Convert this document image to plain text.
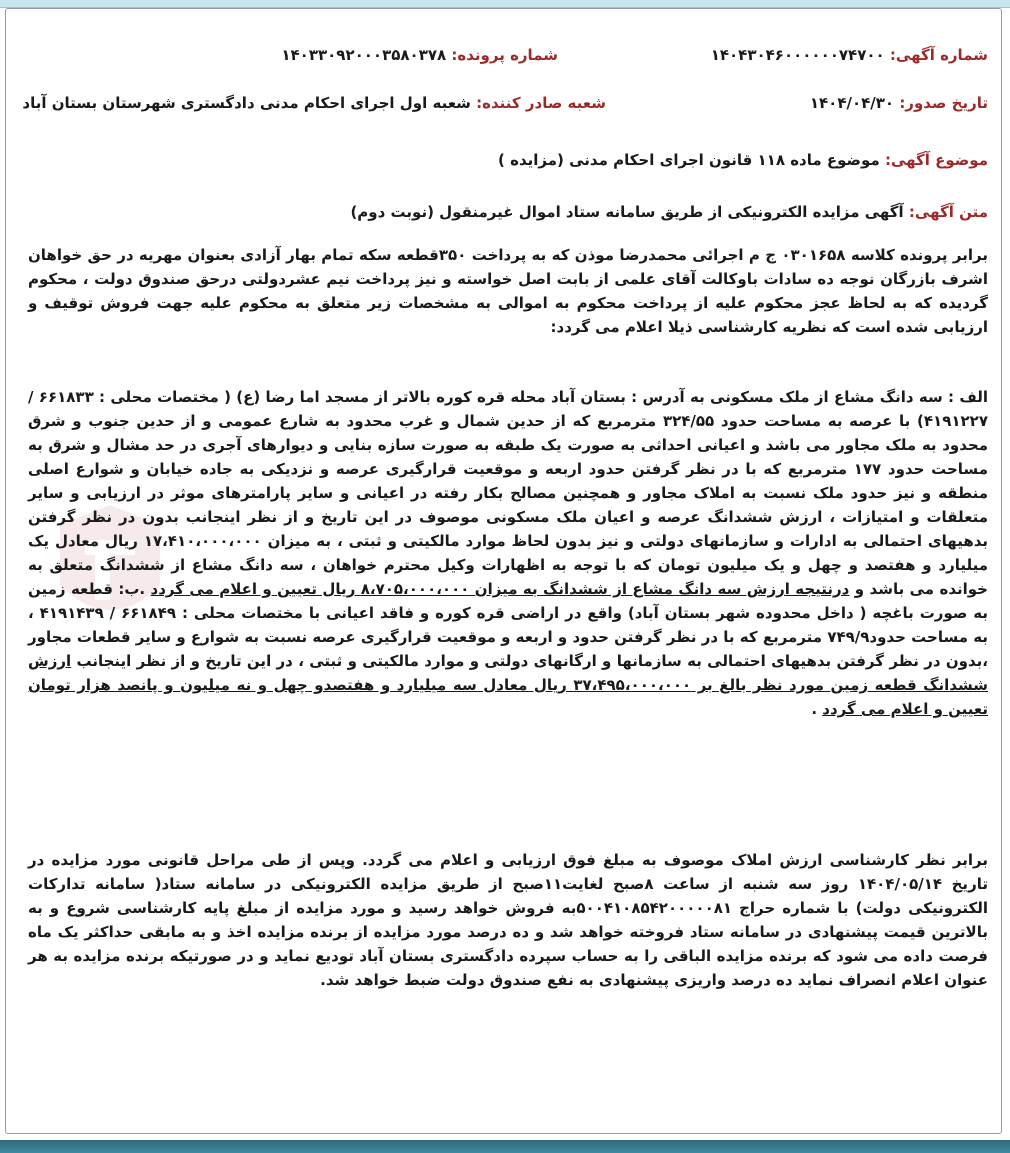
شماره آگهی: ۱۴۰۴۳۰۴۶۰۰۰۰۰۰۷۴۷۰۰
شماره پرونده: ۱۴۰۳۳۰۹۲۰۰۰۳۵۸۰۳۷۸
تاریخ صدور: ۱۴۰۴/۰۴/۳۰
شعبه صادر کننده: شعبه اول اجرای احکام مدنی دادگستری شهرستان بستان آباد
موضوع آگهی: موضوع ماده ۱۱۸ قانون اجرای احکام مدنی (مزایده )
متن آگهی: آگهی مزایده الکترونیکی از طریق سامانه ستاد اموال غیرمنقول (نوبت دوم)

برابر پرونده کلاسه ۰۳۰۱۶۵۸ ج م اجرائی محمدرضا موذن که به پرداخت ۳۵۰قطعه سکه تمام بهار آزادی بعنوان مهریه در حق خواهان اشرف بازرگان نوجه ده سادات باوکالت آقای علمی از بابت اصل خواسته و نیز پرداخت نیم عشردولتی درحق صندوق دولت ، محکوم گردیده که به لحاظ عجز محکوم علیه از پرداخت محکوم به اموالی به مشخصات زیر متعلق به محکوم علیه جهت فروش توقیف و ارزیابی شده است که نظریه کارشناسی ذیلا اعلام می گردد:

الف : سه دانگ مشاع از ملک مسکونی به آدرس : بستان آباد محله قره کوره بالاتر از مسجد اما رضا (ع) ( مختصات محلی : ۶۶۱۸۳۳ / ۴۱۹۱۲۲۷) با عرصه به مساحت حدود ۳۲۴/۵۵ مترمربع که از حدین شمال و غرب محدود به شارع عمومی و از حدین جنوب و شرق محدود به ملک مجاور می باشد و اعیانی احداثی به صورت یک طبقه به صورت سازه بنایی و دیوارهای آجری در حد مشال و شرق به مساحت حدود ۱۷۷ مترمربع که با در نظر گرفتن حدود اربعه و موقعیت قرارگیری عرصه و نزدیکی به جاده خیابان و شوارع اصلی منطقه و نیز حدود ملک نسبت به املاک مجاور و همچنین مصالح بکار رفته در اعیانی و سایر پارامترهای موثر در ارزیابی و سایر متعلقات و امتیازات ، ارزش ششدانگ عرصه و اعیان ملک مسکونی موصوف در این تاریخ و از نظر اینجانب بدون در نظر گرفتن بدهیهای احتمالی به ادارات و سازمانهای دولتی و نیز بدون لحاظ موارد مالکیتی و ثبتی ، به میزان ۱۷،۴۱۰،۰۰۰،۰۰۰ ریال معادل یک میلیارد و هفتصد و چهل و یک میلیون تومان که با توجه به اظهارات وکیل محترم خواهان ، سه دانگ مشاع از ششدانگ متعلق به خوانده می باشد و درنتیجه ارزش سه دانگ مشاع از ششدانگ به میزان ۸،۷۰۵،۰۰۰،۰۰۰ ریال تعیین و اعلام می گردد .ب: قطعه زمین به صورت باغچه ( داخل محدوده شهر بستان آباد) واقع در اراضی قره کوره و فاقد اعیانی با مختصات محلی : ۶۶۱۸۴۹ / ۴۱۹۱۴۳۹ ، به مساحت حدود۷۴۹/۹ مترمربع که با در نظر گرفتن حدود و اربعه و موقعیت قرارگیری عرصه نسبت به شوارع و سایر قطعات مجاور ،بدون در نظر گرفتن بدهیهای احتمالی به سازمانها و ارگانهای دولتی و موارد مالکیتی و ثبتی ، در این تاریخ و از نظر اینجانب ارزش ششدانگ قطعه زمین مورد نظر بالغ بر ۳۷،۴۹۵،۰۰۰،۰۰۰ ریال معادل سه میلیارد و هفتصدو چهل و نه میلیون و پانصد هزار تومان تعیین و اعلام می گردد .

برابر نظر کارشناسی ارزش املاک موصوف به مبلغ فوق ارزیابی و اعلام می گردد. وپس از طی مراحل قانونی مورد مزایده در تاریخ ۱۴۰۴/۰۵/۱۴ روز سه شنبه از ساعت ۸صبح لغایت۱۱صبح از طریق مزایده الکترونیکی در سامانه ستاد( سامانه تدارکات الکترونیکی دولت) با شماره حراج ۵۰۰۴۱۰۸۵۴۲۰۰۰۰۰۸۱به فروش خواهد رسید و مورد مزایده از مبلغ پایه کارشناسی شروع و به بالاترین قیمت پیشنهادی در سامانه ستاد فروخته خواهد شد و ده درصد مورد مزایده از برنده مزایده اخذ و به مابقی حداکثر یک ماه فرصت داده می شود که برنده مزایده الباقی را به حساب سپرده دادگستری بستان آباد تودیع نماید و در صورتیکه برنده مزایده به هر عنوان اعلام انصراف نماید ده درصد واریزی پیشنهادی به نفع صندوق دولت ضبط خواهد شد.
